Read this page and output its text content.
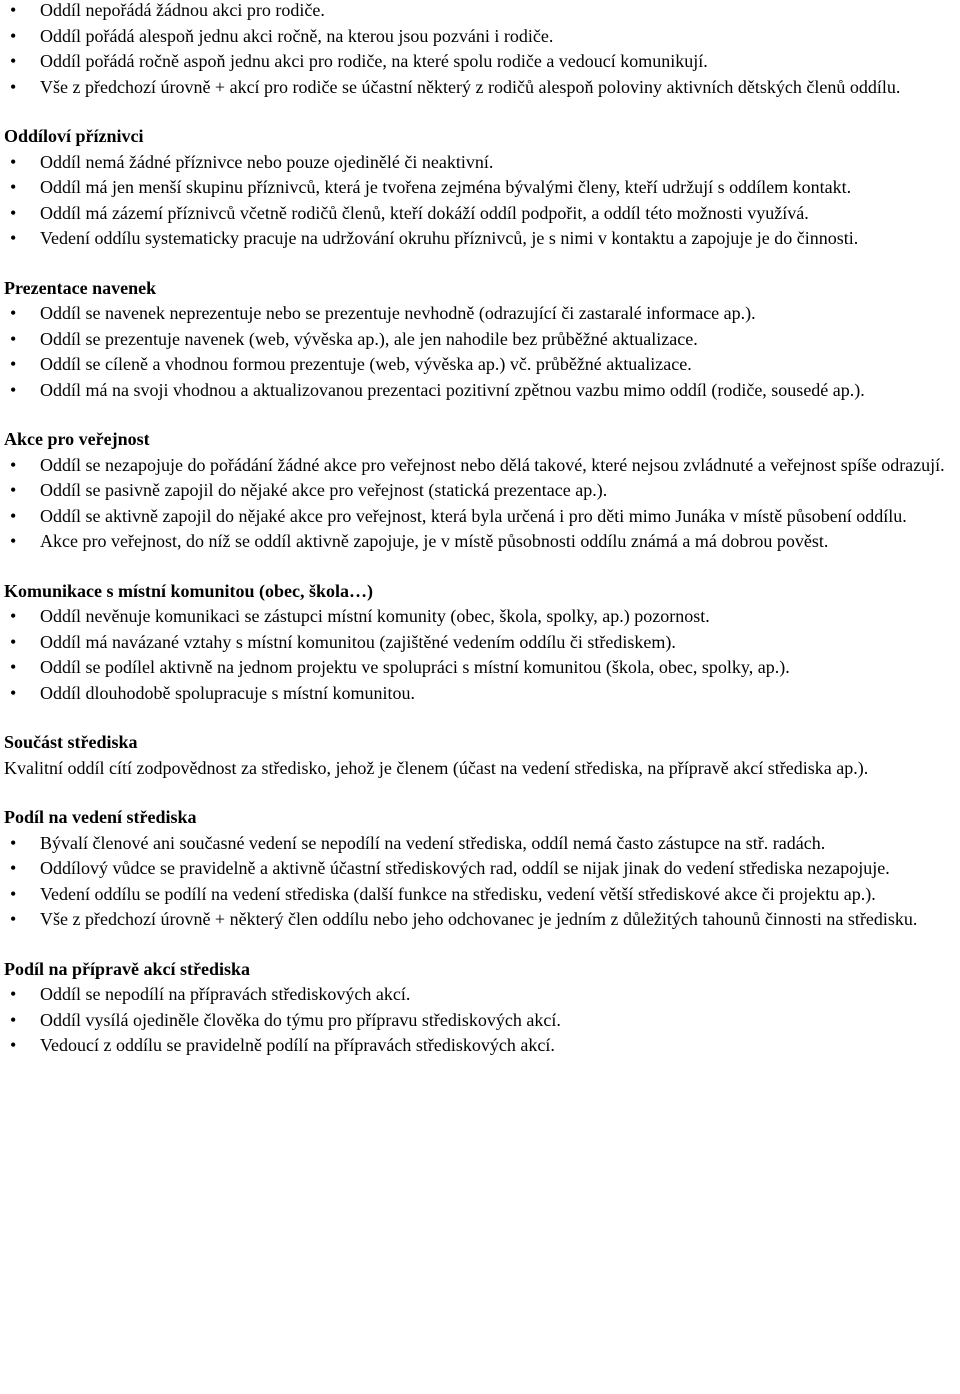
• Oddíl nepořádá žádnou akci pro rodiče.
• Oddíl pořádá alespoň jednu akci ročně, na kterou jsou pozváni i rodiče.
• Oddíl pořádá ročně aspoň jednu akci pro rodiče, na které spolu rodiče a vedoucí komunikují.
• Vše z předchozí úrovně + akcí pro rodiče se účastní některý z rodičů alespoň poloviny aktivních dětských členů oddílu.

Oddíloví příznivci

• Oddíl nemá žádné příznivce nebo pouze ojedinělé či neaktivní.
• Oddíl má jen menší skupinu příznivců, která je tvořena zejména bývalými členy, kteří udržují s oddílem kontakt.
• Oddíl má zázemí příznivců včetně rodičů členů, kteří dokáží oddíl podpořit, a oddíl této možnosti využívá.
• Vedení oddílu systematicky pracuje na udržování okruhu příznivců, je s nimi v kontaktu a zapojuje je do činnosti.

Prezentace navenek

• Oddíl se navenek neprezentuje nebo se prezentuje nevhodně (odrazující či zastaralé informace ap.).
• Oddíl se prezentuje navenek (web, vývěska ap.), ale jen nahodile bez průběžné aktualizace.
• Oddíl se cíleně a vhodnou formou prezentuje (web, vývěska ap.) vč. průběžné aktualizace.
• Oddíl má na svoji vhodnou a aktualizovanou prezentaci pozitivní zpětnou vazbu mimo oddíl (rodiče, sousedé ap.).

Akce pro veřejnost

• Oddíl se nezapojuje do pořádání žádné akce pro veřejnost nebo dělá takové, které nejsou zvládnuté a veřejnost spíše odrazují.
• Oddíl se pasivně zapojil do nějaké akce pro veřejnost (statická prezentace ap.).
• Oddíl se aktivně zapojil do nějaké akce pro veřejnost, která byla určená i pro děti mimo Junáka v místě působení oddílu.
• Akce pro veřejnost, do níž se oddíl aktivně zapojuje, je v místě působnosti oddílu známá a má dobrou pověst.

Komunikace s místní komunitou (obec, škola…)

• Oddíl nevěnuje komunikaci se zástupci místní komunity (obec, škola, spolky, ap.) pozornost.
• Oddíl má navázané vztahy s místní komunitou (zajištěné vedením oddílu či střediskem).
• Oddíl se podílel aktivně na jednom projektu ve spolupráci s místní komunitou (škola, obec, spolky, ap.).
• Oddíl dlouhodobě spolupracuje s místní komunitou.

Součást střediska

Kvalitní oddíl cítí zodpovědnost za středisko, jehož je členem (účast na vedení střediska, na přípravě akcí střediska ap.).

Podíl na vedení střediska

• Bývalí členové ani současné vedení se nepodílí na vedení střediska, oddíl nemá často zástupce na stř. radách.
• Oddílový vůdce se pravidelně a aktivně účastní střediskových rad, oddíl se nijak jinak do vedení střediska nezapojuje.
• Vedení oddílu se podílí na vedení střediska (další funkce na středisku, vedení větší střediskové akce či projektu ap.).
• Vše z předchozí úrovně + některý člen oddílu nebo jeho odchovanec je jedním z důležitých tahounů činnosti na středisku.

Podíl na přípravě akcí střediska

• Oddíl se nepodílí na přípravách střediskových akcí.
• Oddíl vysílá ojediněle člověka do týmu pro přípravu střediskových akcí.
• Vedoucí z oddílu se pravidelně podílí na přípravách střediskových akcí.
